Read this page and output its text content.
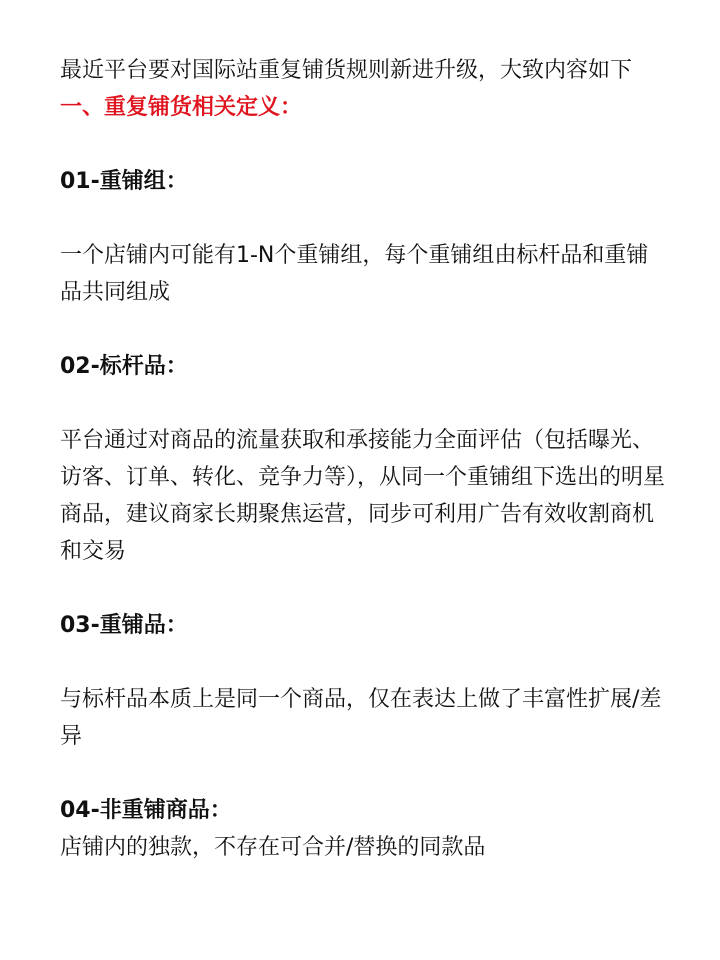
最近平台要对国际站重复铺货规则新进升级，大致内容如下

一、重复铺货相关定义：

01-重铺组：

一个店铺内可能有1-N个重铺组，每个重铺组由标杆品和重铺品共同组成

02-标杆品：

平台通过对商品的流量获取和承接能力全面评估（包括曝光、访客、订单、转化、竞争力等），从同一个重铺组下选出的明星商品，建议商家长期聚焦运营，同步可利用广告有效收割商机和交易

03-重铺品：

与标杆品本质上是同一个商品，仅在表达上做了丰富性扩展/差异

04-非重铺商品：

店铺内的独款，不存在可合并/替换的同款品
